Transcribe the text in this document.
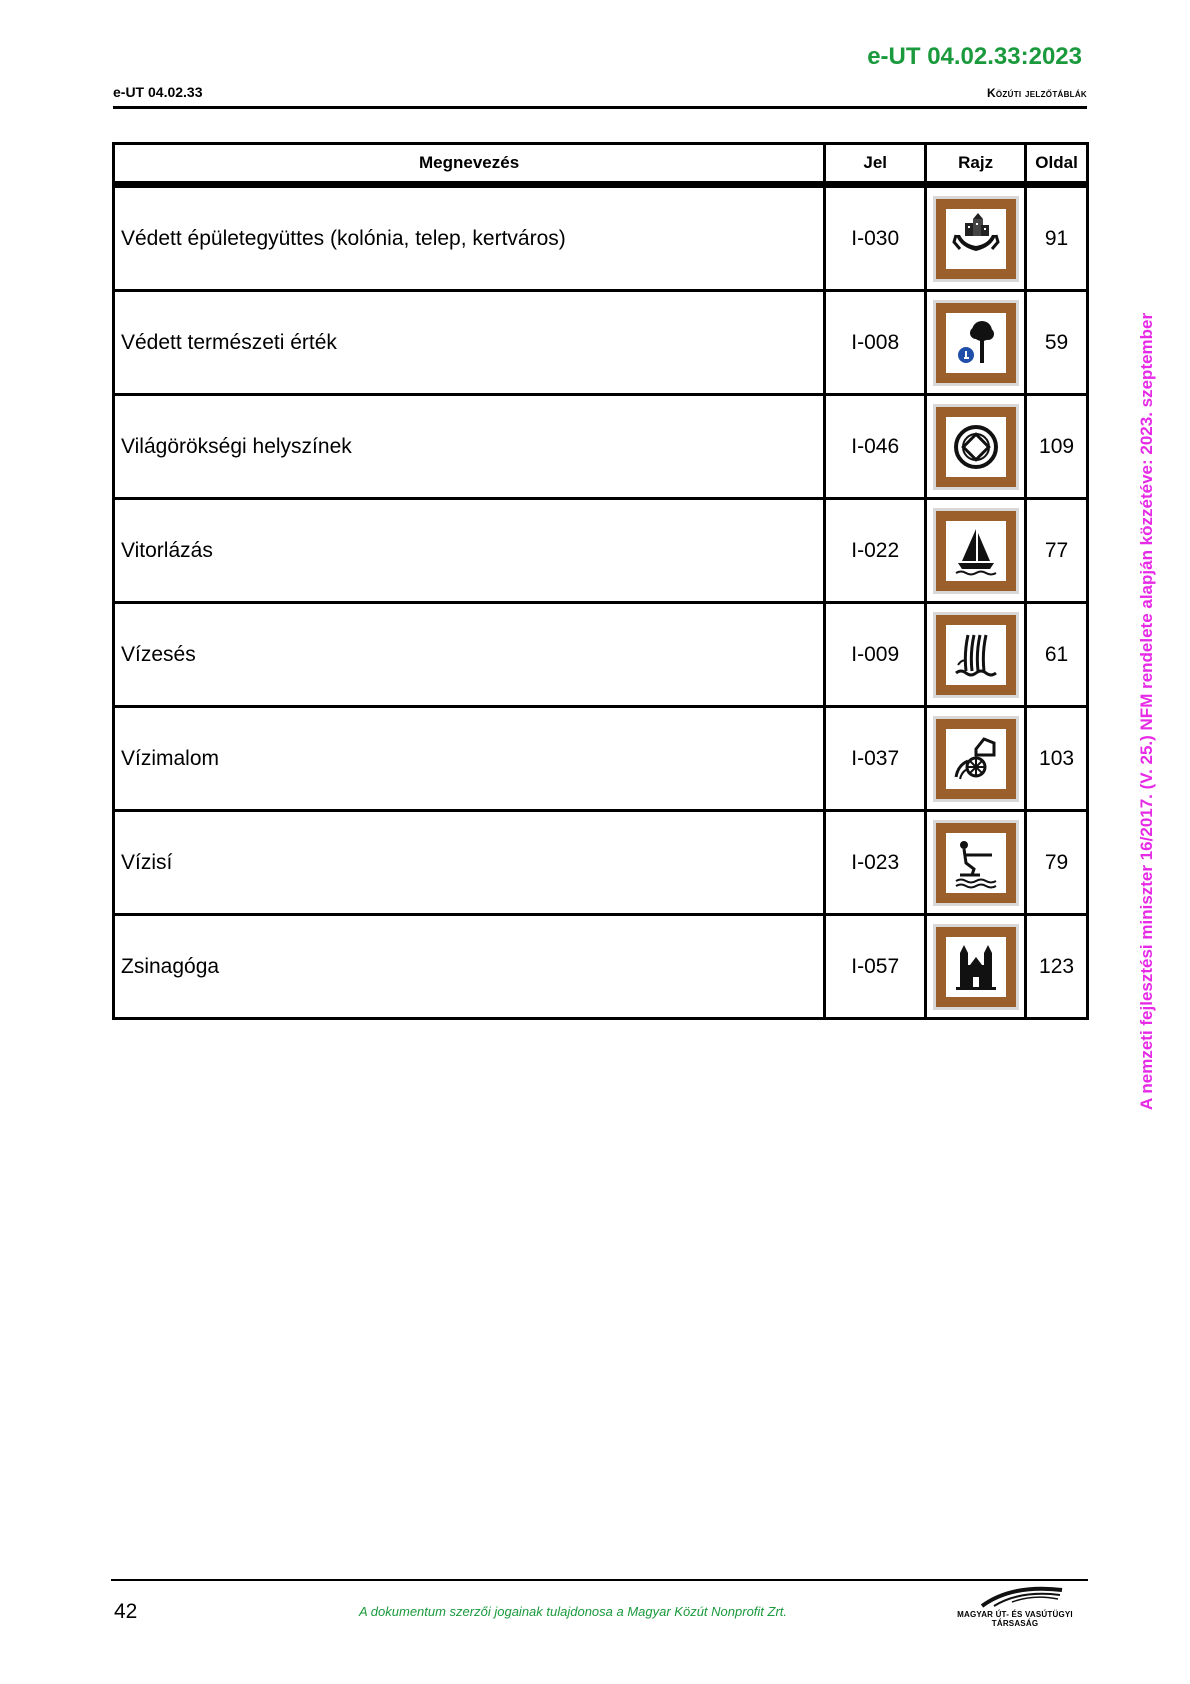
e-UT 04.02.33:2023
e-UT 04.02.33	Közúti jelzőtáblák
Megnevezés	Jel	Rajz	Oldal
Védett épületegyüttes (kolónia, telep, kertváros)	I-030		91
Védett természeti érték	I-008		59
Világörökségi helyszínek	I-046		109
Vitorlázás	I-022		77
Vízesés	I-009		61
Vízimalom	I-037		103
Vízisí	I-023		79
Zsinagóga	I-057		123	A nemzeti fejlesztési miniszter 16/2017. (V. 25.) NFM rendelete alapján közzétéve: 2023. szeptember
42	A dokumentum szerzői jogainak tulajdonosa a Magyar Közút Nonprofit Zrt.	MAGYAR ÚT- ÉS VASÚTÜGYI TÁRSASÁG
